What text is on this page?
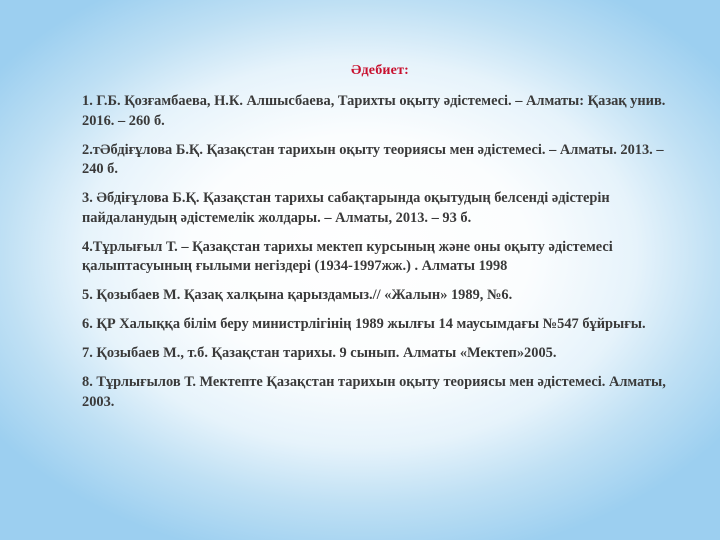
Әдебиет:
1. Г.Б. Қозғамбаева, Н.К. Алшысбаева, Тарихты оқыту әдістемесі. – Алматы: Қазақ унив. 2016. – 260 б.
2.тӘбдіғұлова Б.Қ. Қазақстан тарихын оқыту теориясы мен әдістемесі. – Алматы. 2013. – 240 б.
3. Әбдіғұлова Б.Қ. Қазақстан тарихы сабақтарында оқытудың белсенді әдістерін пайдаланудың әдістемелік жолдары. – Алматы, 2013. – 93 б.
4.Тұрлығыл Т. – Қазақстан тарихы мектеп курсының және оны оқыту әдістемесі қалыптасуының ғылыми негіздері (1934-1997жж.) . Алматы 1998
5. Қозыбаев М. Қазақ халқына қарыздамыз.// «Жалын» 1989, №6.
6. ҚР Халыққа білім беру министрлігінің 1989 жылғы 14 маусымдағы №547 бұйрығы.
7. Қозыбаев М., т.б. Қазақстан тарихы. 9 сынып. Алматы «Мектеп»2005.
8. Тұрлығылов Т. Мектепте Қазақстан тарихын оқыту теориясы мен әдістемесі. Алматы, 2003.
